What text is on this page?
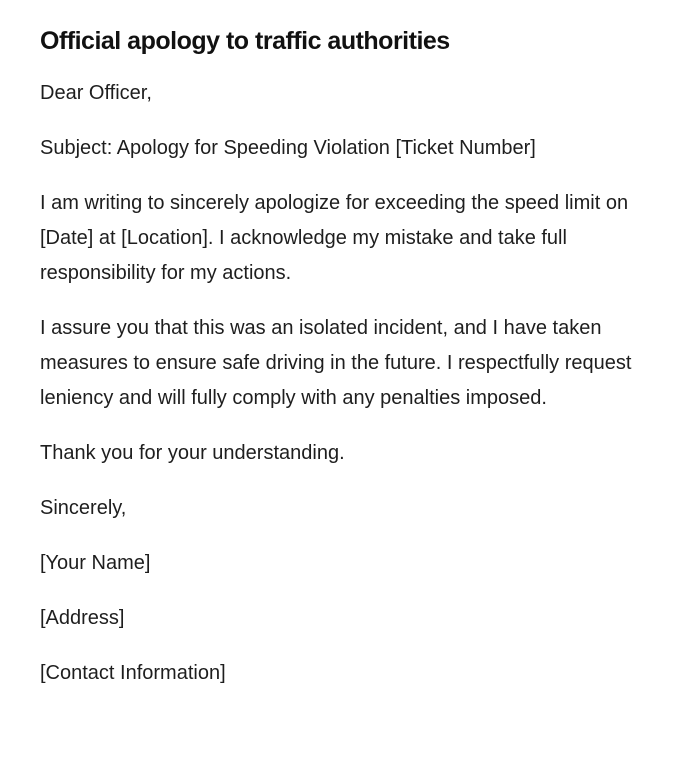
Official apology to traffic authorities

Dear Officer,

Subject: Apology for Speeding Violation [Ticket Number]

I am writing to sincerely apologize for exceeding the speed limit on [Date] at [Location]. I acknowledge my mistake and take full responsibility for my actions.

I assure you that this was an isolated incident, and I have taken measures to ensure safe driving in the future. I respectfully request leniency and will fully comply with any penalties imposed.

Thank you for your understanding.

Sincerely,

[Your Name]

[Address]

[Contact Information]
